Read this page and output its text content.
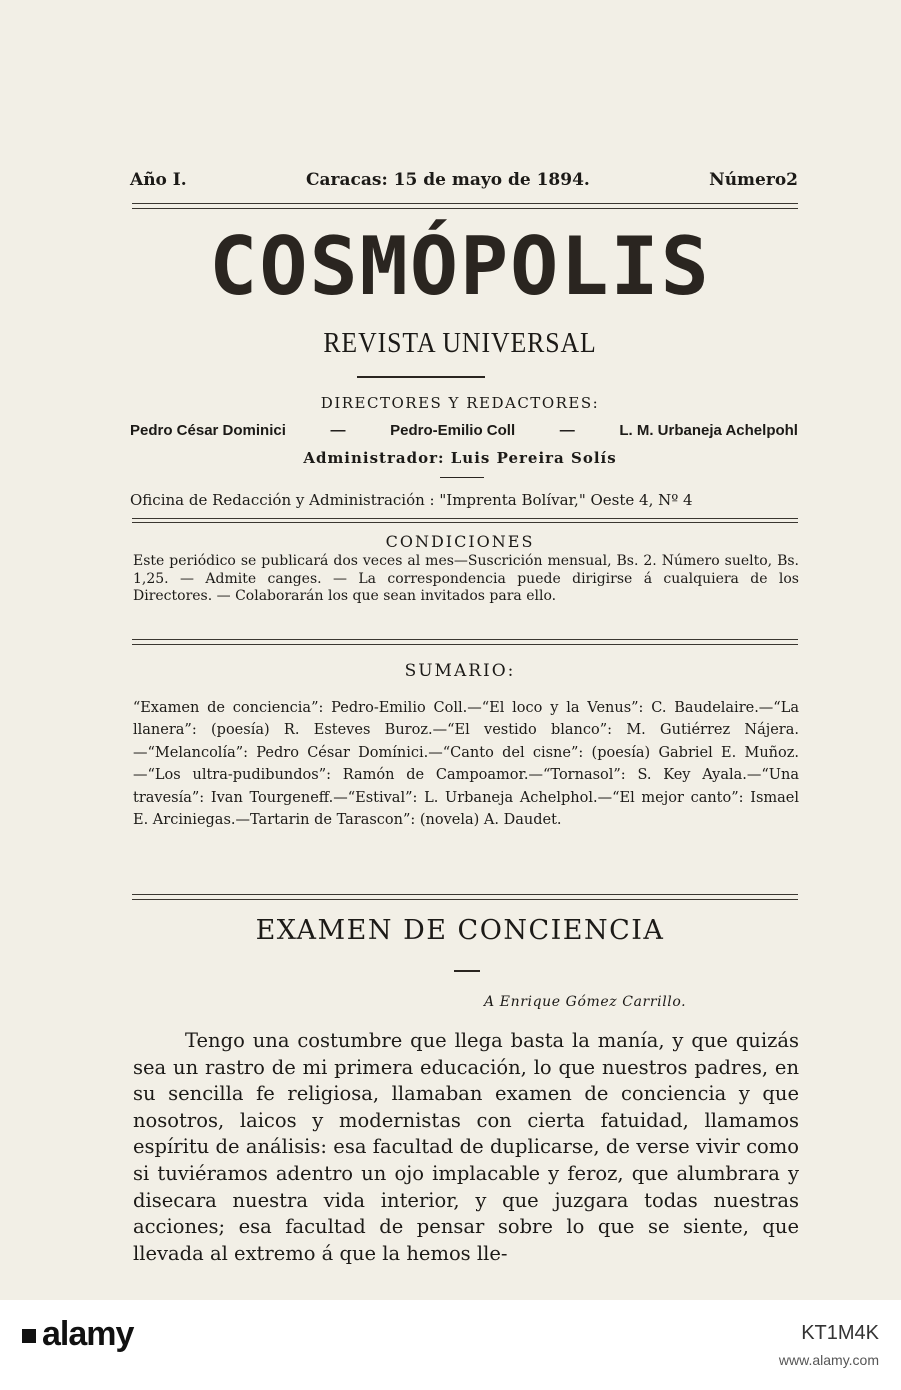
Año I.	Caracas: 15 de mayo de 1894.	Número2
COSMÓPOLIS
REVISTA UNIVERSAL
DIRECTORES Y REDACTORES:
Pedro César Dominici	—	Pedro-Emilio Coll	—	L. M. Urbaneja Achelpohl
Administrador: Luis Pereira Solís
Oficina de Redacción y Administración : "Imprenta Bolívar," Oeste 4, Nº 4
CONDICIONES
Este periódico se publicará dos veces al mes—Suscrición mensual, Bs. 2. Número suelto, Bs. 1,25. — Admite canges. — La correspondencia puede dirigirse á cualquiera de los Directores. — Colaborarán los que sean invitados para ello.
SUMARIO:
“Examen de conciencia”: Pedro-Emilio Coll.—“El loco y la Venus”: C. Baudelaire.—“La llanera”: (poesía) R. Esteves Buroz.—“El vestido blanco”: M. Gutiérrez Nájera.—“Melancolía”: Pedro César Domínici.—“Canto del cisne”: (poesía) Gabriel E. Muñoz.—“Los ultra-pudibundos”: Ramón de Campoamor.—“Tornasol”: S. Key Ayala.—“Una travesía”: Ivan Tourgeneff.—“Estival”: L. Urbaneja Achelphol.—“El mejor canto”: Ismael E. Arciniegas.—Tartarin de Tarascon”: (novela) A. Daudet.
EXAMEN DE CONCIENCIA
A Enrique Gómez Carrillo.
Tengo una costumbre que llega basta la manía, y que quizás sea un rastro de mi primera educación, lo que nuestros padres, en su sencilla fe religiosa, llamaban examen de conciencia y que nosotros, laicos y modernistas con cierta fatuidad, llamamos espíritu de análisis: esa facultad de duplicarse, de verse vivir como si tuviéramos adentro un ojo implacable y feroz, que alumbrara y disecara nuestra vida interior, y que juzgara todas nuestras acciones; esa facultad de pensar sobre lo que se siente, que llevada al extremo á que la hemos lle-
alamy	KT1M4K
www.alamy.com
